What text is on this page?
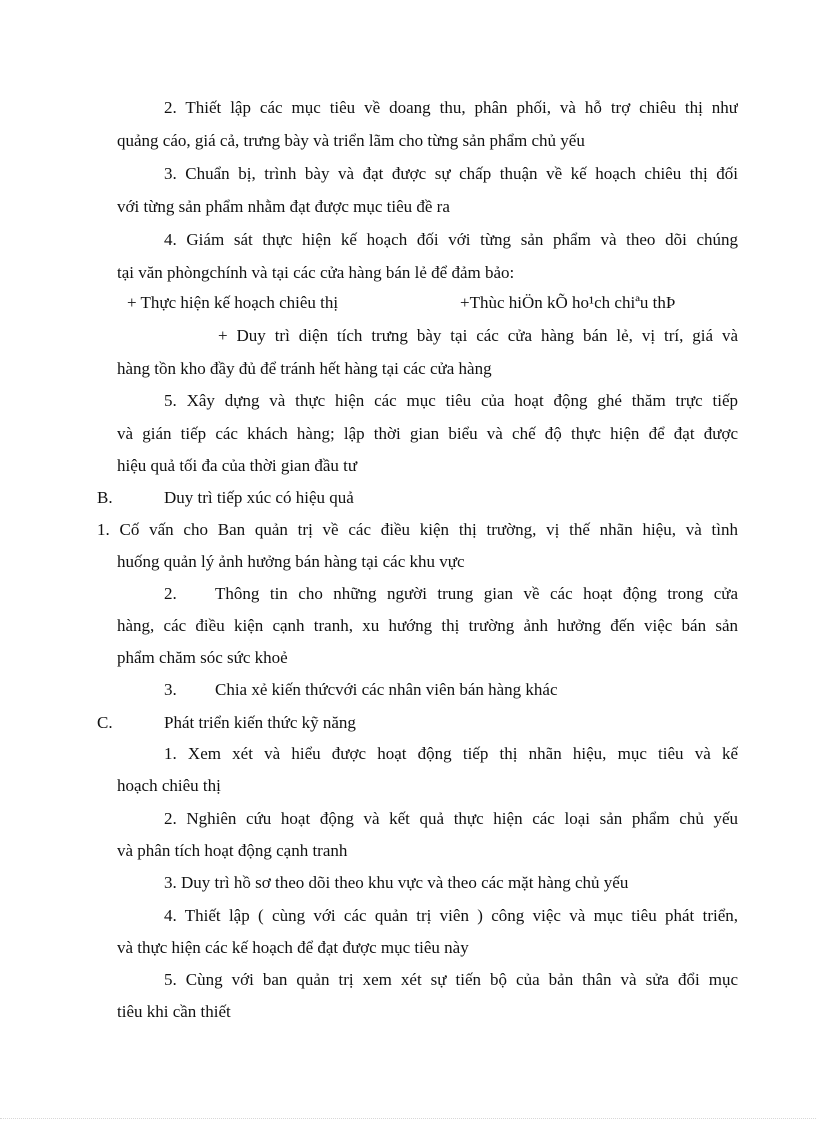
2. Thiết lập các mục tiêu về doang thu, phân phối, và hỗ trợ chiêu thị như
quảng cáo, giá cả, trưng bày và triển lãm cho từng sản phẩm chủ yếu
3. Chuẩn bị, trình bày và đạt được sự chấp thuận về kế hoạch chiêu thị đối
với từng sản phẩm nhằm đạt được mục tiêu đề ra
4. Giám sát thực hiện kế hoạch đối với từng sản phẩm và theo dõi chúng
tại văn phòngchính và tại các cửa hàng bán lẻ để đảm bảo:
+ Thực hiện kế hoạch chiêu thị	+Thùc hiÖn kÕ ho¹ch chiªu thÞ
+ Duy trì diện tích trưng bày tại các cửa hàng bán lẻ, vị trí, giá và
hàng tồn kho đầy đủ để tránh hết hàng tại các cửa hàng
5. Xây dựng và thực hiện các mục tiêu của hoạt động ghé thăm trực tiếp
và gián tiếp các khách hàng; lập thời gian biểu và chế độ thực hiện để đạt được
hiệu quả tối đa của thời gian đầu tư
B.	Duy trì tiếp xúc có hiệu quả
1. Cố vấn cho Ban quản trị về các điều kiện thị trường, vị thế nhãn hiệu, và tình
huống quản lý ảnh hưởng bán hàng tại các khu vực
2. Thông tin cho những người trung gian về các hoạt động trong cửa
hàng, các điều kiện cạnh tranh, xu hướng thị trường ảnh hưởng đến việc bán sản
phẩm chăm sóc sức khoẻ
3. Chia xẻ kiến thứcvới các nhân viên bán hàng khác
C.	Phát triển kiến thức kỹ năng
1. Xem xét và hiểu được hoạt động tiếp thị nhãn hiệu, mục tiêu và kế
hoạch chiêu thị
2. Nghiên cứu hoạt động và kết quả thực hiện các loại sản phẩm chủ yếu
và phân tích hoạt động cạnh tranh
3. Duy trì hồ sơ theo dõi theo khu vực và theo các mặt hàng chủ yếu
4. Thiết lập ( cùng với các quản trị viên ) công việc và mục tiêu phát triển,
và thực hiện các kế hoạch để đạt được mục tiêu này
5. Cùng với ban quản trị xem xét sự tiến bộ của bản thân và sửa đổi mục
tiêu khi cần thiết
